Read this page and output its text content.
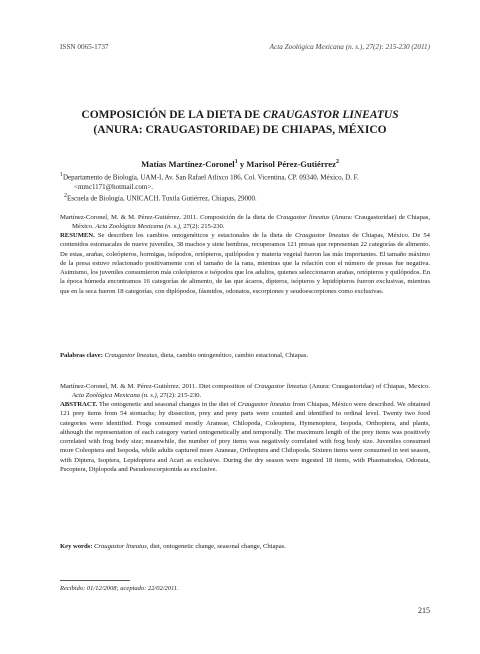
ISSN 0065-1737	Acta Zoológica Mexicana (n. s.), 27(2): 215-230 (2011)
COMPOSICIÓN DE LA DIETA DE CRAUGASTOR LINEATUS
(ANURA: CRAUGASTORIDAE) DE CHIAPAS, MÉXICO
Matías Martínez-Coronel$^1$ y Marisol Pérez-Gutiérrez$^2$
$^1$Departamento de Biología, UAM-I, Av. San Rafael Atlixco 186, Col. Vicentina, CP. 09340, México, D. F. <mmc1171@hotmail.com>.
$^2$Escuela de Biología, UNICACH. Tuxtla Gutiérrez, Chiapas, 29000.
Martínez-Coronel, M. & M. Pérez-Gutiérrez. 2011. Composición de la dieta de Craugastor lineatus (Anura: Craugastoridae) de Chiapas, México. Acta Zoológica Mexicana (n. s.), 27(2): 215-230.
RESUMEN. Se describen los cambios ontogenéticos y estacionales de la dieta de Craugastor lineatus de Chiapas, México. De 54 contenidos estomacales de nueve juveniles, 38 machos y siete hembras, recuperamos 121 presas que representan 22 categorías de alimento. De estas, arañas, coleópteros, hormigas, isópodos, ortópteros, quilópodos y materia vegetal fueron las más importantes. El tamaño máximo de la presa estuvo relacionado positivamente con el tamaño de la rana, mientras que la relación con el número de presas fue negativa. Asimismo, los juveniles consumieron más coleópteros e isópodos que los adultos, quienes seleccionaron arañas, ortópteros y quilópodos. En la época húmeda encontramos 16 categorías de alimento, de las que ácaros, dípteros, isópteros y lepidópteros fueron exclusivas, mientras que en la seca fueron 18 categorías, con diplópodos, fásmidos, odonatos, escorpiones y seudoescorpiones como exclusivas.
Palabras clave: Craugastor lineatus, dieta, cambio ontogenético, cambio estacional, Chiapas.
Martínez-Coronel, M. & M. Pérez-Gutiérrez. 2011. Diet composition of Craugastor lineatus (Anura: Craugastoridae) of Chiapas, Mexico. Acta Zoológica Mexicana (n. s.), 27(2): 215-230.
ABSTRACT. The ontogenetic and seasonal changes in the diet of Craugastor lineatus from Chiapas, México were described. We obtained 121 prey items from 54 stomachs; by dissection, prey and prey parts were counted and identified to ordinal level. Twenty two food categories were identified. Frogs consumed mostly Araneae, Chilopoda, Coleoptera, Hymenoptera, Isopoda, Orthoptera, and plants, although the representation of each category varied ontogenetically and temporally. The maximum length of the prey items was positively correlated with frog body size; meanwhile, the number of prey items was negatively correlated with frog body size. Juveniles consumed more Coleoptera and Isopoda, while adults captured more Araneae, Orthoptera and Chilopoda. Sixteen items were consumed in wet season, with Diptera, Isoptera, Lepidoptera and Acari as exclusive. During the dry season were ingested 18 items, with Phasmatodea, Odonata, Pscoptera, Diplopoda and Pseudoescorpionida as exclusive.
Key words: Craugastor lineatus, diet, ontogenetic change, seasonal change, Chiapas.
Recibido: 01/12/2008; aceptado: 22/02/2011.
215
